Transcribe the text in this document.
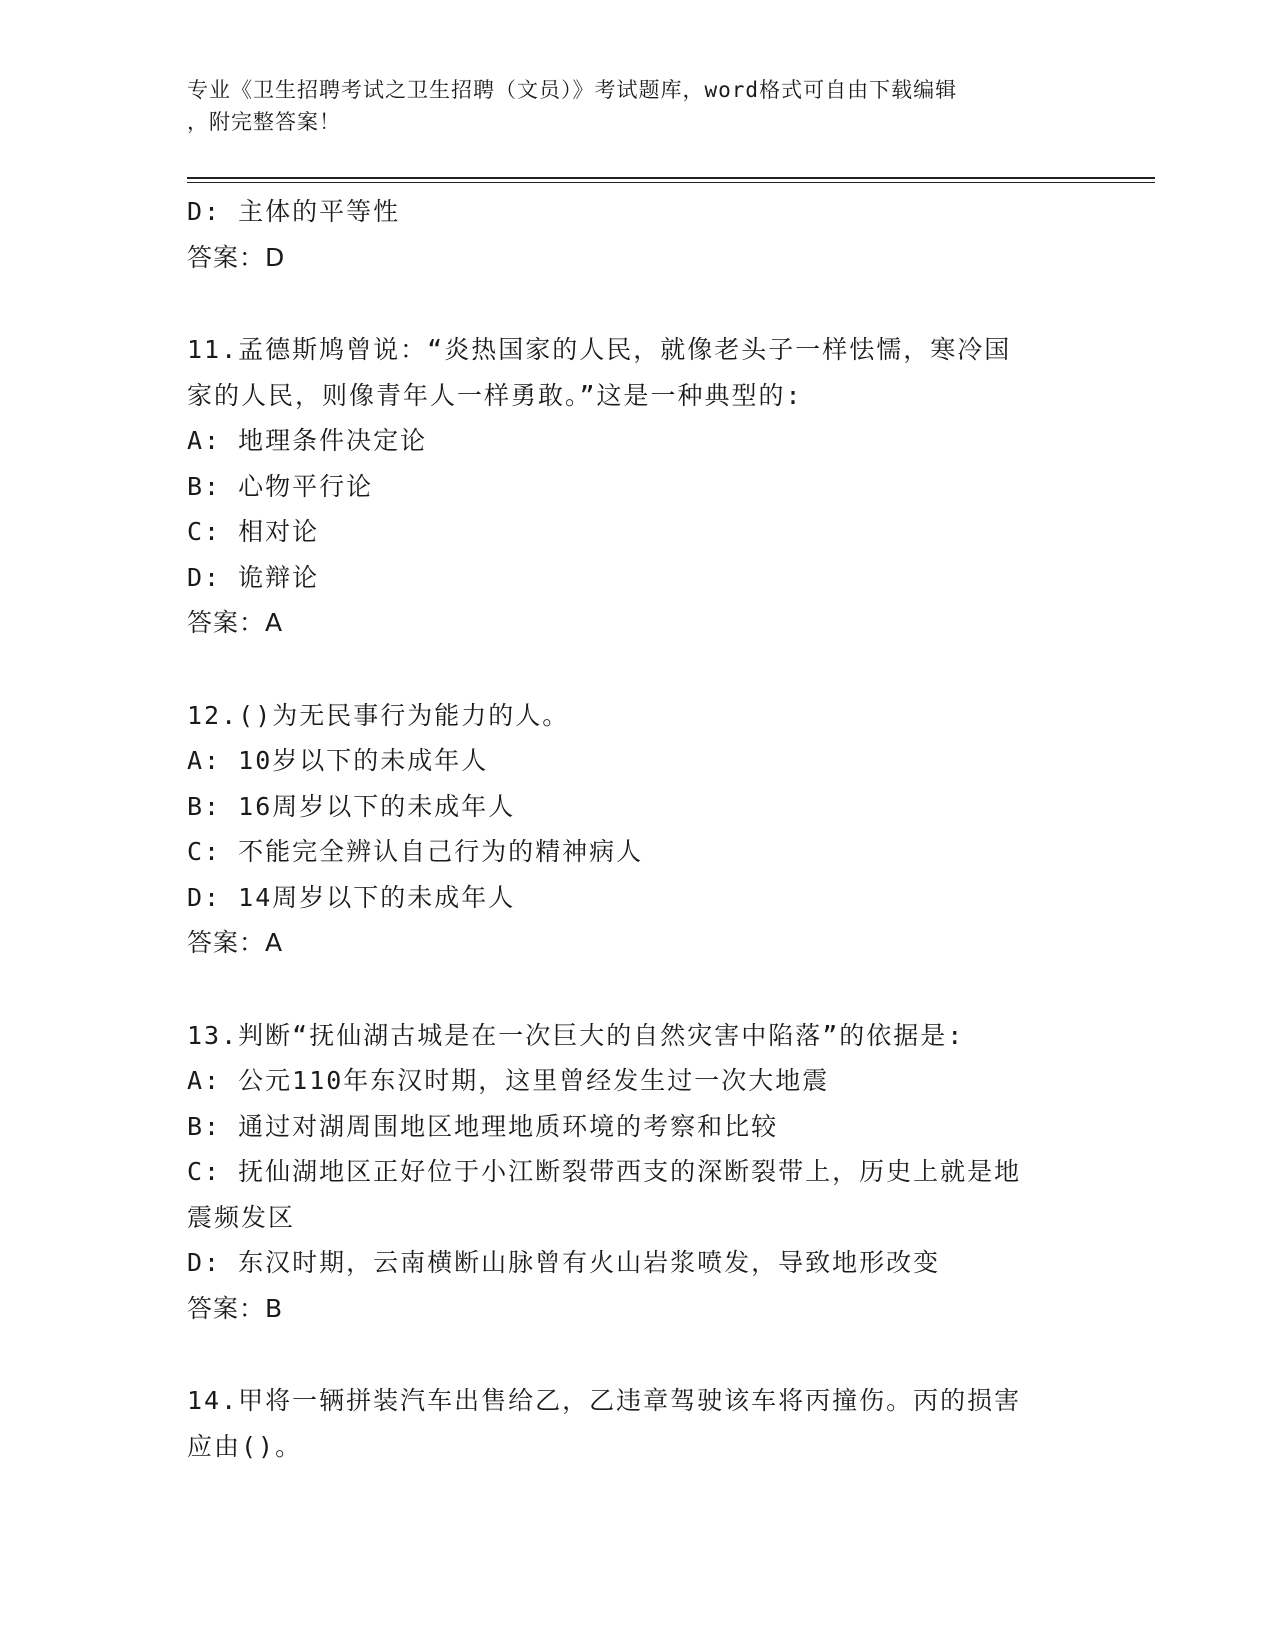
专业《卫生招聘考试之卫生招聘（文员）》考试题库，word格式可自由下载编辑
，附完整答案！
D: 主体的平等性
答案：D
11.孟德斯鸠曾说：“炎热国家的人民，就像老头子一样怯懦，寒冷国
家的人民，则像青年人一样勇敢。”这是一种典型的:
A: 地理条件决定论
B: 心物平行论
C: 相对论
D: 诡辩论
答案：A
12.()为无民事行为能力的人。
A: 10岁以下的未成年人
B: 16周岁以下的未成年人
C: 不能完全辨认自己行为的精神病人
D: 14周岁以下的未成年人
答案：A
13.判断“抚仙湖古城是在一次巨大的自然灾害中陷落”的依据是:
A: 公元110年东汉时期，这里曾经发生过一次大地震
B: 通过对湖周围地区地理地质环境的考察和比较
C: 抚仙湖地区正好位于小江断裂带西支的深断裂带上，历史上就是地
震频发区
D: 东汉时期，云南横断山脉曾有火山岩浆喷发，导致地形改变
答案：B
14.甲将一辆拼装汽车出售给乙，乙违章驾驶该车将丙撞伤。丙的损害
应由()。
